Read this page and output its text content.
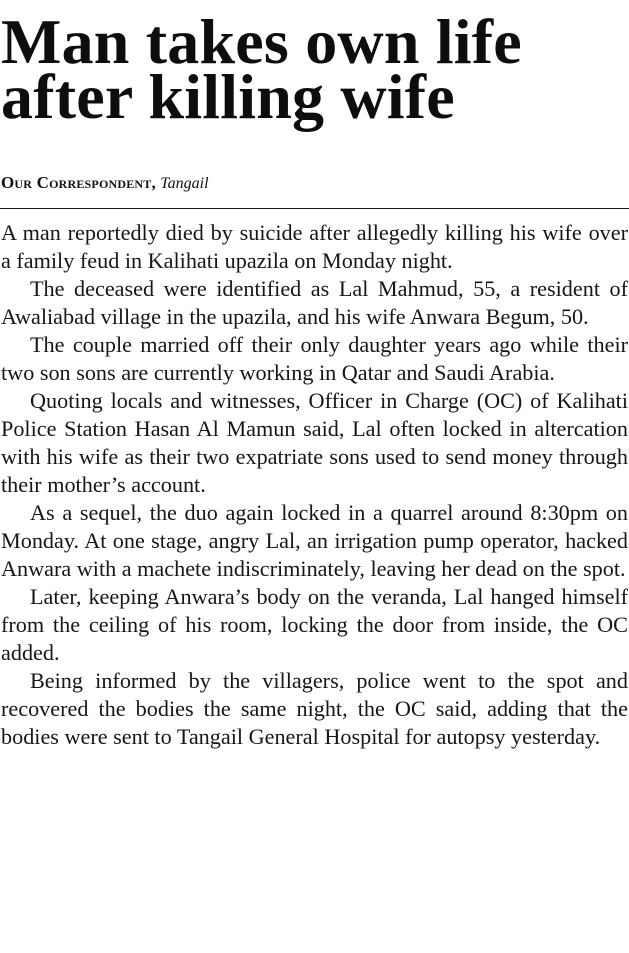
Man takes own life
after killing wife
Our Correspondent, Tangail

A man reportedly died by suicide after allegedly killing his wife over a family feud in Kalihati upazila on Monday night.

The deceased were identified as Lal Mahmud, 55, a resident of Awaliabad village in the upazila, and his wife Anwara Begum, 50.

The couple married off their only daughter years ago while their two son sons are currently working in Qatar and Saudi Arabia.

Quoting locals and witnesses, Officer in Charge (OC) of Kalihati Police Station Hasan Al Mamun said, Lal often locked in altercation with his wife as their two expatriate sons used to send money through their mother’s account.

As a sequel, the duo again locked in a quarrel around 8:30pm on Monday. At one stage, angry Lal, an irrigation pump operator, hacked Anwara with a machete indiscriminately, leaving her dead on the spot.

Later, keeping Anwara’s body on the veranda, Lal hanged himself from the ceiling of his room, locking the door from inside, the OC added.

Being informed by the villagers, police went to the spot and recovered the bodies the same night, the OC said, adding that the bodies were sent to Tangail General Hospital for autopsy yesterday.
